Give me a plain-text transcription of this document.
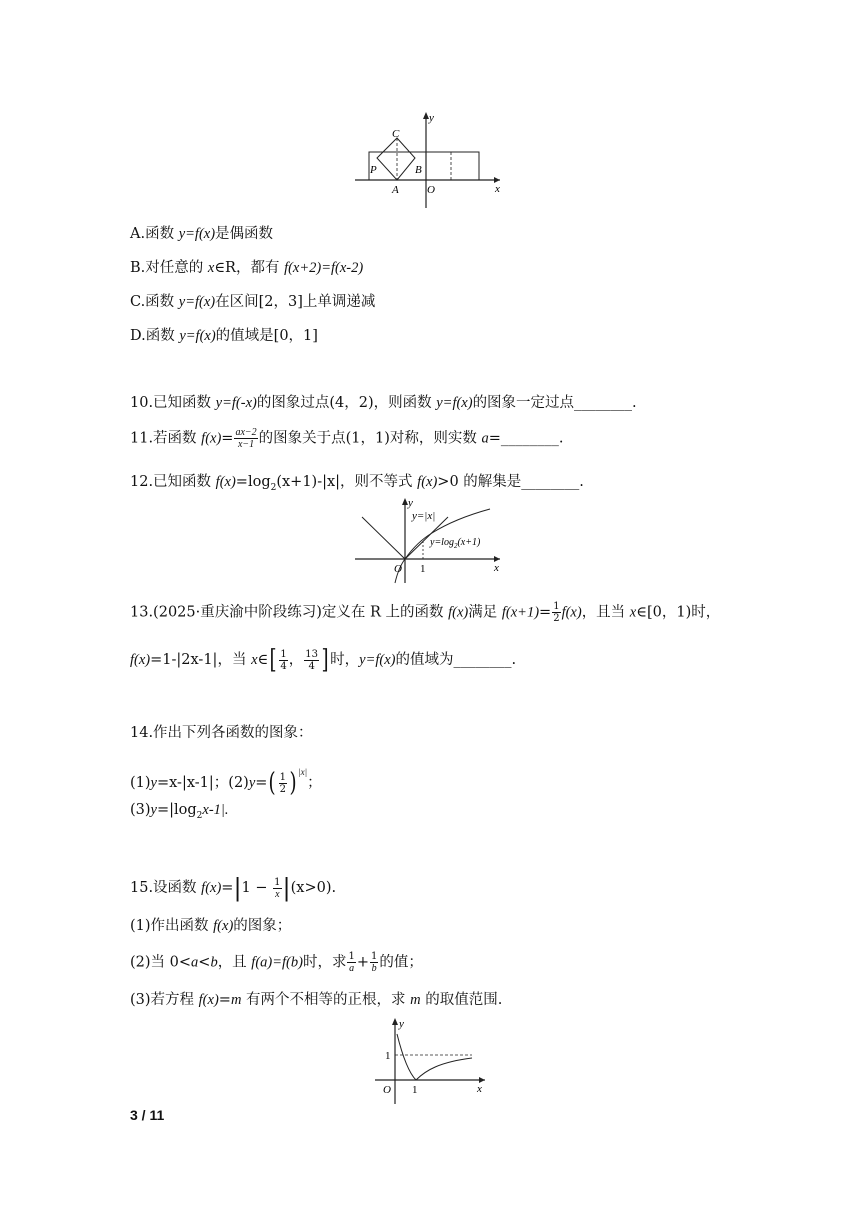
C
P	B
A	O	x
y
A.函数 y=f(x)是偶函数
B.对任意的 x∈R，都有 f(x+2)=f(x-2)
C.函数 y=f(x)在区间[2，3]上单调递减
D.函数 y=f(x)的值域是[0，1]
10.已知函数 y=f(-x)的图象过点(4，2)，则函数 y=f(x)的图象一定过点________.
11.若函数 $f(x)= \frac{ax-2}{x-1}$ 的图象关于点(1，1)对称，则实数 a=________.
12.已知函数 $f(x)=\log_2(x+1)-|x|$，则不等式 f(x)>0 的解集是________.
y=|x|
$y=\log_2(x+1)$
O 1	x
y
13.(2025·重庆渝中阶段练习)定义在 R 上的函数 f(x)满足 $f(x+1)= \frac{1}{2} f(x)$，且当 x∈[0，1)时，
f(x)=1-|2x-1|，当 x∈[ $\frac{1}{4}$ ， $\frac{13}{4}$ ] 时，y=f(x)的值域为________.
14.作出下列各函数的图象：
(1)y=x-|x-1|；$(2)y=( \frac{1}{2}$ ) $^{|x|}$；
$(3)y=|\log_2x-1|$.
15.设函数 $f(x)=|1 - \frac{1}{x} |(x>0)$.
(1)作出函数 f(x)的图象；
(2)当 0<a<b，且 f(a)=f(b)时，求 $\frac{1}{a} + \frac{1}{b}$ 的值；
(3)若方程 f(x)=m 有两个不相等的正根，求 m 的取值范围.
1
O 1	x
y
3 / 11
